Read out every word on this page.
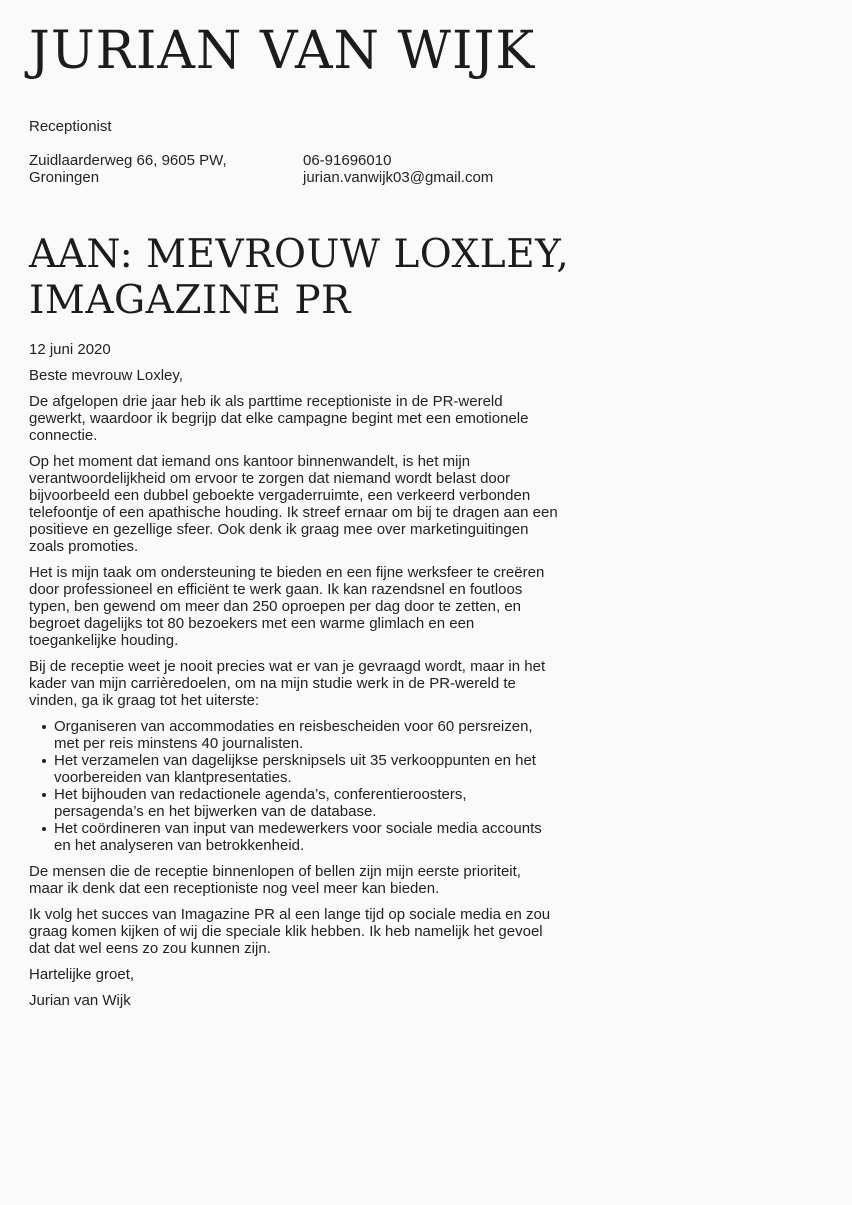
JURIAN VAN WIJK
Receptionist
Zuidlaarderweg 66, 9605 PW,
Groningen
06-91696010
jurian.vanwijk03@gmail.com
AAN: MEVROUW LOXLEY,
IMAGAZINE PR

12 juni 2020

Beste mevrouw Loxley,

De afgelopen drie jaar heb ik als parttime receptioniste in de PR-wereld gewerkt, waardoor ik begrijp dat elke campagne begint met een emotionele connectie.

Op het moment dat iemand ons kantoor binnenwandelt, is het mijn verantwoordelijkheid om ervoor te zorgen dat niemand wordt belast door bijvoorbeeld een dubbel geboekte vergaderruimte, een verkeerd verbonden telefoontje of een apathische houding. Ik streef ernaar om bij te dragen aan een positieve en gezellige sfeer. Ook denk ik graag mee over marketinguitingen zoals promoties.

Het is mijn taak om ondersteuning te bieden en een fijne werksfeer te creëren door professioneel en efficiënt te werk gaan. Ik kan razendsnel en foutloos typen, ben gewend om meer dan 250 oproepen per dag door te zetten, en begroet dagelijks tot 80 bezoekers met een warme glimlach en een toegankelijke houding.

Bij de receptie weet je nooit precies wat er van je gevraagd wordt, maar in het kader van mijn carrièredoelen, om na mijn studie werk in de PR-wereld te vinden, ga ik graag tot het uiterste:

Organiseren van accommodaties en reisbescheiden voor 60 persreizen, met per reis minstens 40 journalisten.
Het verzamelen van dagelijkse persknipsels uit 35 verkooppunten en het voorbereiden van klantpresentaties.
Het bijhouden van redactionele agenda’s, conferentieroosters, persagenda’s en het bijwerken van de database.
Het coördineren van input van medewerkers voor sociale media accounts en het analyseren van betrokkenheid.

De mensen die de receptie binnenlopen of bellen zijn mijn eerste prioriteit, maar ik denk dat een receptioniste nog veel meer kan bieden.

Ik volg het succes van Imagazine PR al een lange tijd op sociale media en zou graag komen kijken of wij die speciale klik hebben. Ik heb namelijk het gevoel dat dat wel eens zo zou kunnen zijn.

Hartelijke groet,

Jurian van Wijk
